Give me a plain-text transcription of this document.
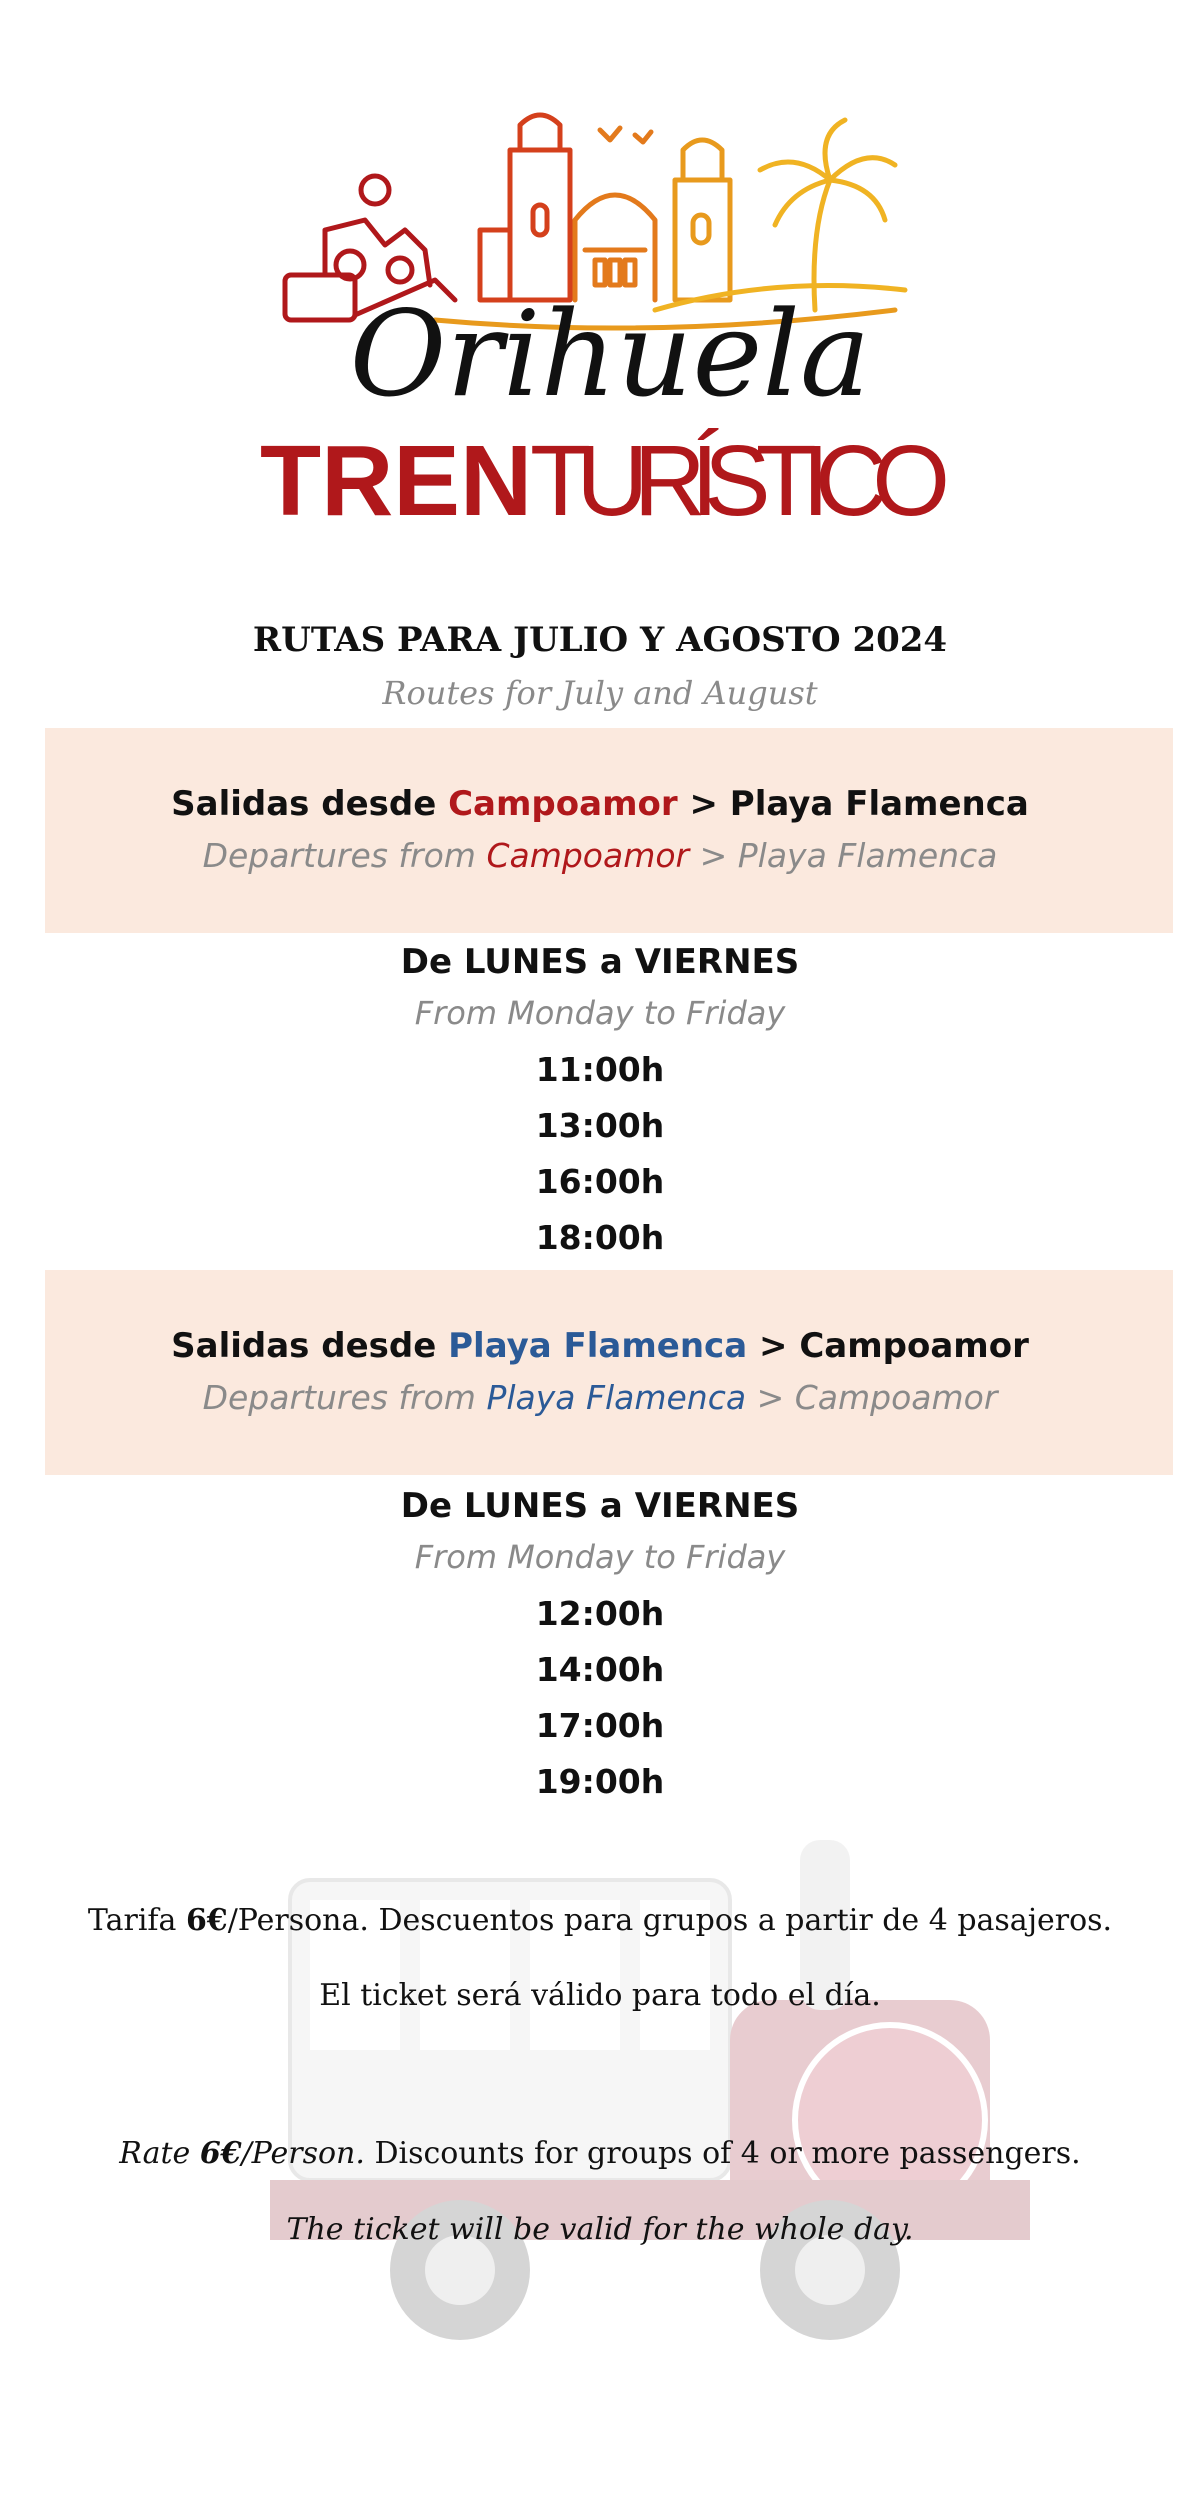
Orihuela
TREN
TURÍSTICO
RUTAS PARA JULIO Y AGOSTO 2024
Routes for July and August
Salidas desde Campoamor > Playa Flamenca
Departures from Campoamor > Playa Flamenca
De LUNES a VIERNES
From Monday to Friday
11:00h
13:00h
16:00h
18:00h
Salidas desde Playa Flamenca > Campoamor
Departures from Playa Flamenca > Campoamor
De LUNES a VIERNES
From Monday to Friday
12:00h
14:00h
17:00h
19:00h
Tarifa 6€/Persona. Descuentos para grupos a partir de 4 pasajeros.
El ticket será válido para todo el día.
Rate 6€/Person. Discounts for groups of 4 or more passengers.
The ticket will be valid for the whole day.
